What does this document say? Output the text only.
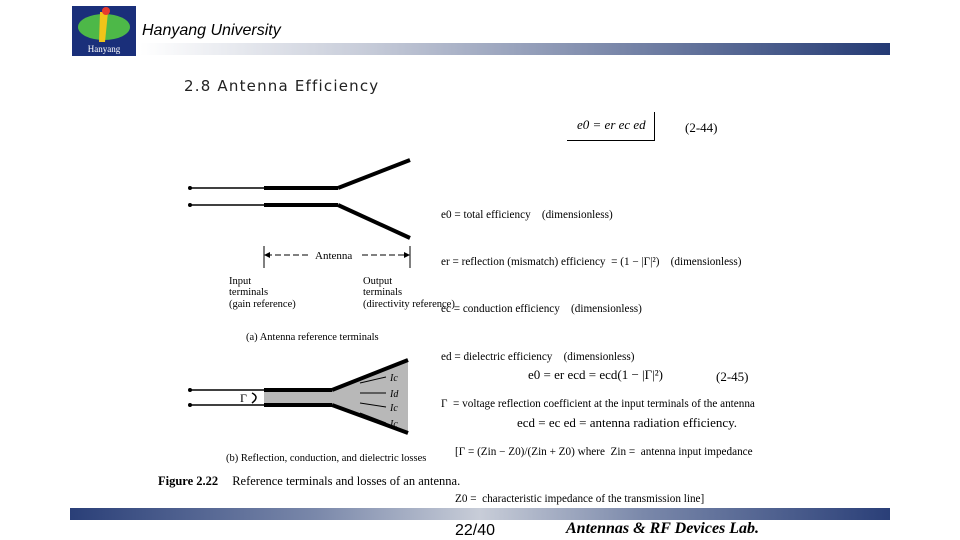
Hanyang
Hanyang University
2.8 Antenna Efficiency
e0 = er ec ed	(2-44)

e0 = total efficiency    (dimensionless)

er = reflection (mismatch) efficiency  = (1 − |Γ|²)    (dimensionless)

ec = conduction efficiency    (dimensionless)

ed = dielectric efficiency    (dimensionless)

Γ  = voltage reflection coefficient at the input terminals of the antenna

[Γ = (Zin − Z0)/(Zin + Z0) where  Zin =  antenna input impedance

Z0 =  characteristic impedance of the transmission line]

Antenna
Input
terminals
(gain reference)
Output
terminals
(directivity reference)
(a) Antenna reference terminals
Γ
Ic
Id
Ic
Ic
(b) Reflection, conduction, and dielectric losses
e0 = er ecd = ecd(1 − |Γ|²)	(2-45)
ecd = ec ed = antenna radiation efficiency.
Figure 2.22 Reference terminals and losses of an antenna.
22/40	Antennas & RF Devices Lab.
